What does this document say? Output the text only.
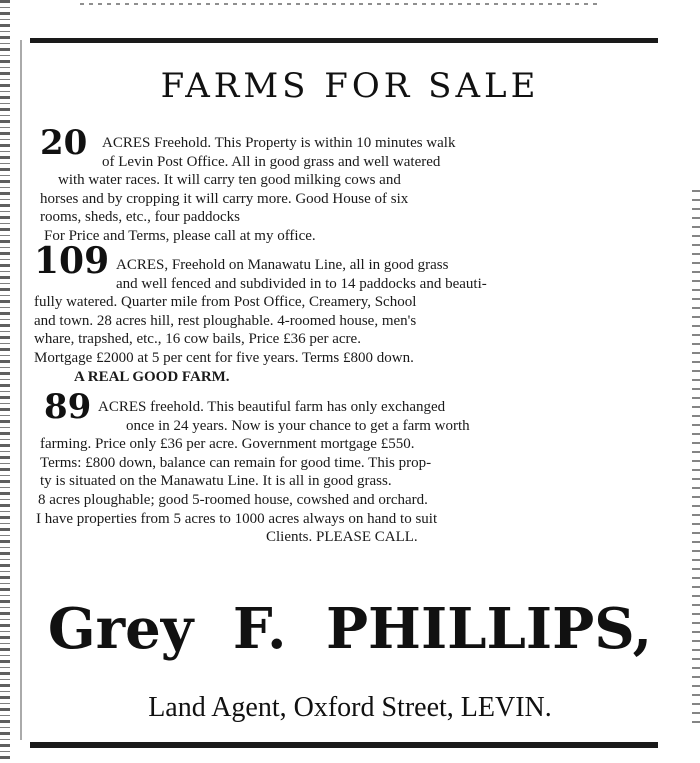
FARMS FOR SALE
20 ACRES Freehold. This Property is within 10 minutes walk
of Levin Post Office. All in good grass and well watered
with water races. It will carry ten good milking cows and
horses and by cropping it will carry more. Good House of six
rooms, sheds, etc., four paddocks
For Price and Terms, please call at my office.
109 ACRES, Freehold on Manawatu Line, all in good grass
and well fenced and subdivided in to 14 paddocks and beauti-
fully watered. Quarter mile from Post Office, Creamery, School
and town. 28 acres hill, rest ploughable. 4-roomed house, men's
whare, trapshed, etc., 16 cow bails, Price £36 per acre.
Mortgage £2000 at 5 per cent for five years. Terms £800 down.
A REAL GOOD FARM.
89 ACRES freehold. This beautiful farm has only exchanged
once in 24 years. Now is your chance to get a farm worth
farming. Price only £36 per acre. Government mortgage £550.
Terms: £800 down, balance can remain for good time. This prop-
ty is situated on the Manawatu Line. It is all in good grass.
8 acres ploughable; good 5-roomed house, cowshed and orchard.
I have properties from 5 acres to 1000 acres always on hand to suit
Clients. PLEASE CALL.
Grey F. PHILLIPS,
Land Agent, Oxford Street, LEVIN.
